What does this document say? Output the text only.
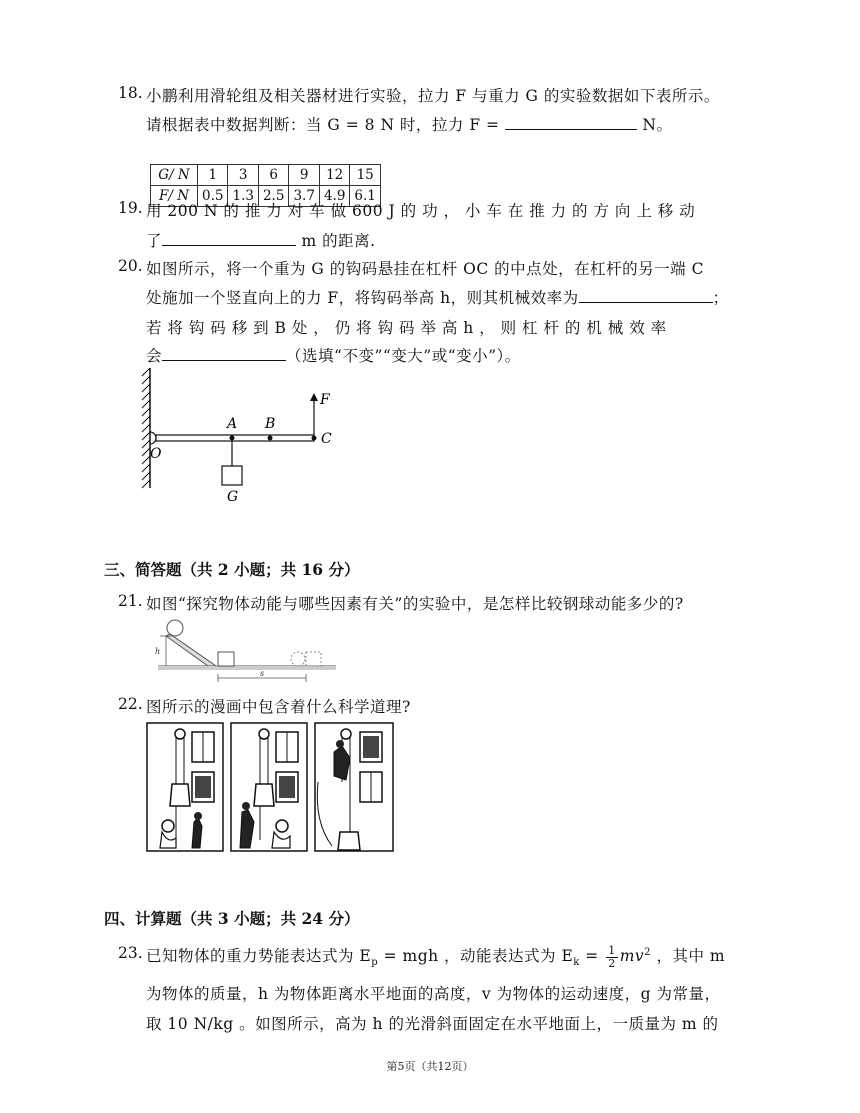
18. 小鹏利用滑轮组及相关器材进行实验，拉力 F 与重力 G 的实验数据如下表所示。
请根据表中数据判断：当 G = 8 N 时，拉力 F =	N。
G/ N	1	3	6	9	12	15
F/ N	0.5	1.3	2.5	3.7	4.9	6.1
19. 用 200 N 的 推 力 对 车 做 600 J 的 功 ， 小 车 在 推 力 的 方 向 上 移 动
了	m 的距离.
20. 如图所示，将一个重为 G 的钩码悬挂在杠杆 OC 的中点处，在杠杆的另一端 C
处施加一个竖直向上的力 F，将钩码举高 h，则其机械效率为	；
若 将 钩 码 移 到 B 处 ， 仍 将 钩 码 举 高 h ， 则 杠 杆 的 机 械 效 率
会	（选填“不变”“变大”或“变小”）。
F
A B
C
O
G
三、简答题（共 2 小题；共 16 分）
21. 如图“探究物体动能与哪些因素有关”的实验中，是怎样比较钢球动能多少的?
h
s
22. 图所示的漫画中包含着什么科学道理?
四、计算题（共 3 小题；共 24 分）
23. 已知物体的重力势能表达式为 $E_p$ = mgh ，动能表达式为 $E_k = \frac{1}{2} mv^2$ ，其中 m
为物体的质量，h 为物体距离水平地面的高度，v 为物体的运动速度，g 为常量，
取 10 N/kg 。如图所示，高为 h 的光滑斜面固定在水平地面上，一质量为 m 的
第5页（共12页）
